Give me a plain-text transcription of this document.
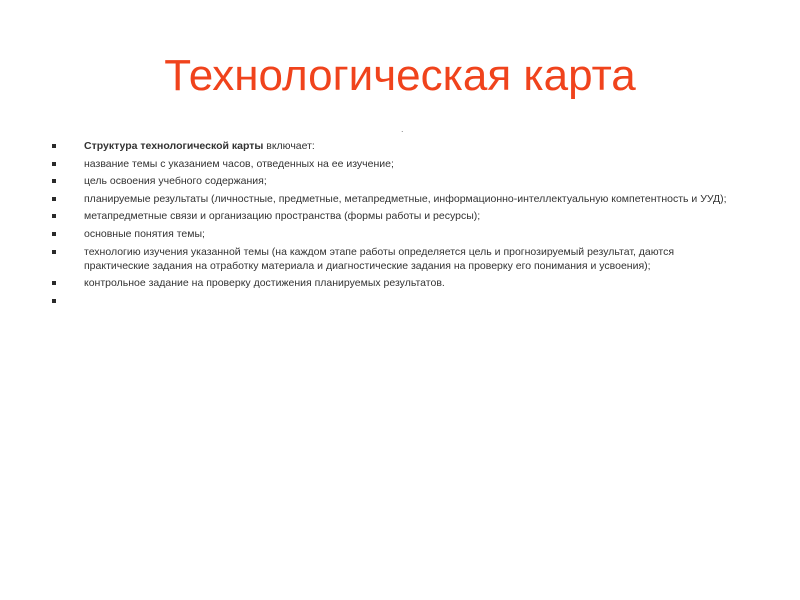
Технологическая карта
.
Структура технологической карты включает:
название темы с указанием часов, отведенных на ее изучение;
цель освоения учебного содержания;
планируемые результаты (личностные, предметные, метапредметные, информационно-интеллектуальную компетентность и УУД);
метапредметные связи и организацию пространства (формы работы и ресурсы);
основные понятия темы;
технологию изучения указанной темы (на каждом этапе работы определяется цель и прогнозируемый результат, даются практические задания на отработку материала и диагностические задания на проверку его понимания и усвоения);
контрольное задание на проверку достижения планируемых результатов.
